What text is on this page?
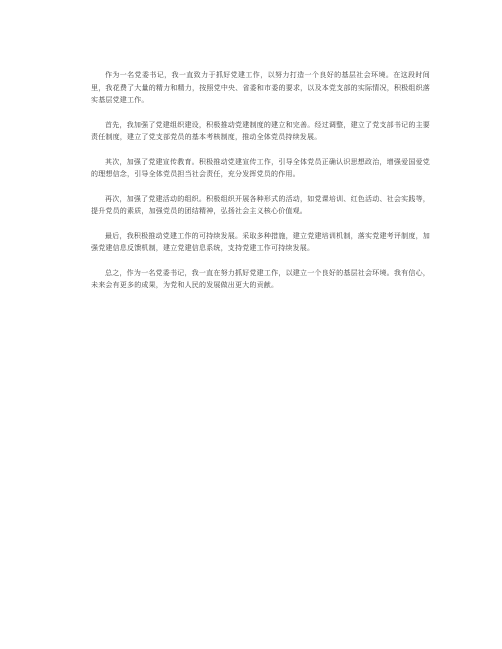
作为一名党委书记，我一直致力于抓好党建工作，以努力打造一个良好的基层社会环境。在这段时间里，我花费了大量的精力和精力，按照党中央、省委和市委的要求，以及本党支部的实际情况，积极组织落实基层党建工作。

首先，我加强了党建组织建设，积极推动党建制度的建立和完善。经过调整，建立了党支部书记的主要责任制度，建立了党支部党员的基本考核制度，推动全体党员持续发展。

其次，加强了党建宣传教育。积极推动党建宣传工作，引导全体党员正确认识思想政治，增强爱国爱党的理想信念，引导全体党员担当社会责任，充分发挥党员的作用。

再次，加强了党建活动的组织。积极组织开展各种形式的活动，如党课培训、红色活动、社会实践等，提升党员的素质，加强党员的团结精神，弘扬社会主义核心价值观。

最后，我积极推动党建工作的可持续发展。采取多种措施，建立党建培训机制，落实党建考评制度，加强党建信息反馈机制，建立党建信息系统，支持党建工作可持续发展。

总之，作为一名党委书记，我一直在努力抓好党建工作，以建立一个良好的基层社会环境。我有信心，未来会有更多的成果，为党和人民的发展做出更大的贡献。
